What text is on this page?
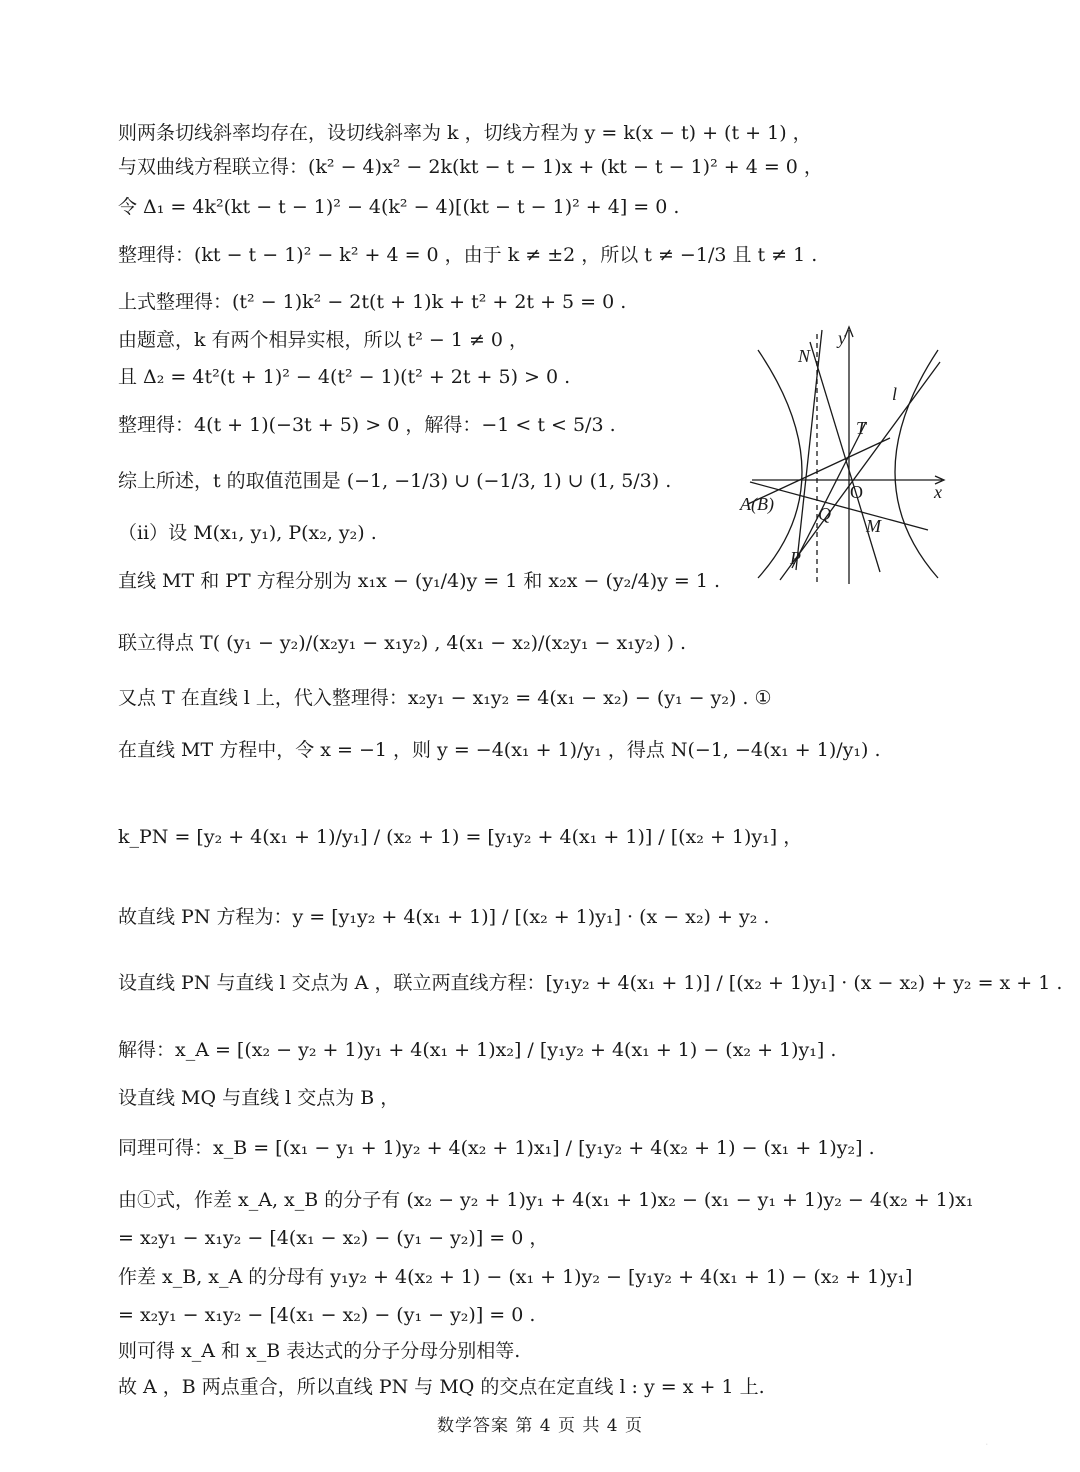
则两条切线斜率均存在，设切线斜率为 k ，切线方程为 y = k(x − t) + (t + 1) ，
与双曲线方程联立得：(k² − 4)x² − 2k(kt − t − 1)x + (kt − t − 1)² + 4 = 0 ，
令 Δ₁ = 4k²(kt − t − 1)² − 4(k² − 4)[(kt − t − 1)² + 4] = 0 .
整理得：(kt − t − 1)² − k² + 4 = 0 ，由于 k ≠ ±2 ，所以 t ≠ −1/3 且 t ≠ 1 .
上式整理得：(t² − 1)k² − 2t(t + 1)k + t² + 2t + 5 = 0 .
由题意，k 有两个相异实根，所以 t² − 1 ≠ 0 ，
且 Δ₂ = 4t²(t + 1)² − 4(t² − 1)(t² + 2t + 5) > 0 .
整理得：4(t + 1)(−3t + 5) > 0 ，解得：−1 < t < 5/3 .
综上所述，t 的取值范围是 (−1, −1/3) ∪ (−1/3, 1) ∪ (1, 5/3) .
（ⅱ）设 M(x₁, y₁), P(x₂, y₂) .
直线 MT 和 PT 方程分别为 x₁x − (y₁/4)y = 1 和 x₂x − (y₂/4)y = 1 .
联立得点 T( (y₁ − y₂)/(x₂y₁ − x₁y₂) , 4(x₁ − x₂)/(x₂y₁ − x₁y₂) ) .
又点 T 在直线 l 上，代入整理得：x₂y₁ − x₁y₂ = 4(x₁ − x₂) − (y₁ − y₂) . ①
在直线 MT 方程中，令 x = −1 ，则 y = −4(x₁ + 1)/y₁ ，得点 N(−1, −4(x₁ + 1)/y₁) .
k_PN = [y₂ + 4(x₁ + 1)/y₁] / (x₂ + 1) = [y₁y₂ + 4(x₁ + 1)] / [(x₂ + 1)y₁] ，
故直线 PN 方程为：y = [y₁y₂ + 4(x₁ + 1)] / [(x₂ + 1)y₁] · (x − x₂) + y₂ .
设直线 PN 与直线 l 交点为 A ，联立两直线方程：[y₁y₂ + 4(x₁ + 1)] / [(x₂ + 1)y₁] · (x − x₂) + y₂ = x + 1 .
解得：x_A = [(x₂ − y₂ + 1)y₁ + 4(x₁ + 1)x₂] / [y₁y₂ + 4(x₁ + 1) − (x₂ + 1)y₁] .
设直线 MQ 与直线 l 交点为 B ，
同理可得：x_B = [(x₁ − y₁ + 1)y₂ + 4(x₂ + 1)x₁] / [y₁y₂ + 4(x₂ + 1) − (x₁ + 1)y₂] .
由①式，作差 x_A, x_B 的分子有 (x₂ − y₂ + 1)y₁ + 4(x₁ + 1)x₂ − (x₁ − y₁ + 1)y₂ − 4(x₂ + 1)x₁
= x₂y₁ − x₁y₂ − [4(x₁ − x₂) − (y₁ − y₂)] = 0 ，
作差 x_B, x_A 的分母有 y₁y₂ + 4(x₂ + 1) − (x₁ + 1)y₂ − [y₁y₂ + 4(x₁ + 1) − (x₂ + 1)y₁]
= x₂y₁ − x₁y₂ − [4(x₁ − x₂) − (y₁ − y₂)] = 0 .
则可得 x_A 和 x_B 表达式的分子分母分别相等.
故 A ，B 两点重合，所以直线 PN 与 MQ 的交点在定直线 l : y = x + 1 上.
y
x
O
N
T
l
A(B) Q
M
P
数学答案 第 4 页 共 4 页
·
